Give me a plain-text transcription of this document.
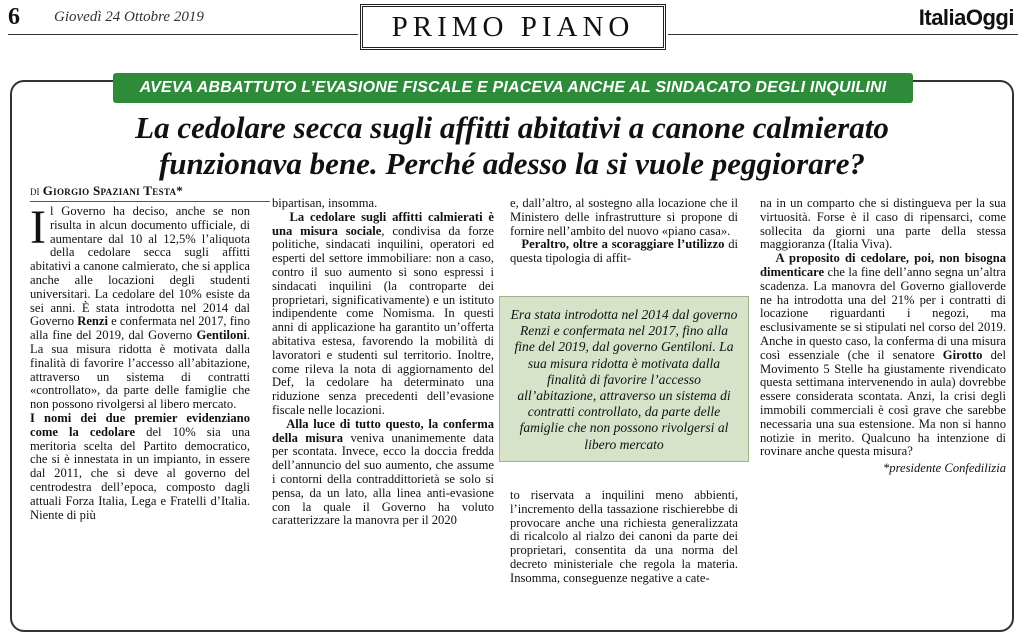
6 Giovedì 24 Ottobre 2019	PRIMO PIANO	ItaliaOggi
AVEVA ABBATTUTO L’EVASIONE FISCALE E PIACEVA ANCHE AL SINDACATO DEGLI INQUILINI
La cedolare secca sugli affitti abitativi a canone calmierato
funzionava bene. Perché adesso la si vuole peggiorare?

Il Governo ha deciso, anche se non risulta in alcun documento ufficiale, di aumentare dal 10 al 12,5% l’aliquota della cedolare secca sugli affitti abitativi a canone calmierato, che si applica anche alle locazioni degli studenti universitari. La cedolare del 10% esiste da sei anni. È stata introdotta nel 2014 dal Governo Renzi e confermata nel 2017, fino alla fine del 2019, dal Governo Gentiloni. La sua misura ridotta è motivata dalla finalità di favorire l’accesso all’abitazione, attraverso un sistema di contratti «controllato», da parte delle famiglie che non possono rivolgersi al libero mercato.

I nomi dei due premier evidenziano come la cedolare del 10% sia una meritoria scelta del Partito democratico, che si è innestata in un impianto, in essere dal 2011, che si deve al governo del centrodestra dell’epoca, composto dagli attuali Forza Italia, Lega e Fratelli d’Italia. Niente di più

di Giorgio Spaziani Testa*

bipartisan, insomma.

La cedolare sugli affitti calmierati è una misura sociale, condivisa da forze politiche, sindacati inquilini, operatori ed esperti del settore immobiliare: non a caso, contro il suo aumento si sono espressi i sindacati inquilini (la controparte dei proprietari, significativamente) e un istituto indipendente come Nomisma. In questi anni di applicazione ha garantito un’offerta abitativa estesa, favorendo la mobilità di lavoratori e studenti sul territorio. Inoltre, come rileva la nota di aggiornamento del Def, la cedolare ha determinato una riduzione senza precedenti dell’evasione fiscale nelle locazioni.

Alla luce di tutto questo, la conferma della misura veniva unanimemente data per scontata. Invece, ecco la doccia fredda dell’annuncio del suo aumento, che assume i contorni della contraddittorietà se solo si pensa, da un lato, alla linea anti-evasione con la quale il Governo ha voluto caratterizzare la manovra per il 2020

e, dall’altro, al sostegno alla locazione che il Ministero delle infrastrutture si propone di fornire nell’ambito del nuovo «piano casa».

Peraltro, oltre a scoraggiare l’utilizzo di questa tipologia di affit-

Era stata introdotta nel 2014 dal governo Renzi e confermata nel 2017, fino alla fine del 2019, dal governo Gentiloni. La sua misura ridotta è motivata dalla finalità di favorire l’accesso all’abitazione, attraverso un sistema di contratti controllato, da parte delle famiglie che non possono rivolgersi al libero mercato

to riservata a inquilini meno abbienti, l’incremento della tassazione rischierebbe di provocare anche una richiesta generalizzata di ricalcolo al rialzo dei canoni da parte dei proprietari, consentita da una norma del decreto ministeriale che regola la materia. Insomma, conseguenze negative a cate-

na in un comparto che si distingueva per la sua virtuosità. Forse è il caso di ripensarci, come sollecita da giorni una parte della stessa maggioranza (Italia Viva).

A proposito di cedolare, poi, non bisogna dimenticare che la fine dell’anno segna un’altra scadenza. La manovra del Governo gialloverde ne ha introdotta una del 21% per i contratti di locazione riguardanti i negozi, ma esclusivamente se si stipulati nel corso del 2019. Anche in questo caso, la conferma di una misura così essenziale (che il senatore Girotto del Movimento 5 Stelle ha giustamente rivendicato questa settimana intervenendo in aula) dovrebbe essere considerata scontata. Anzi, la crisi degli immobili commerciali è così grave che sarebbe necessaria una sua estensione. Ma non si hanno notizie in merito. Qualcuno ha intenzione di rovinare anche questa misura?

*presidente Confedilizia
